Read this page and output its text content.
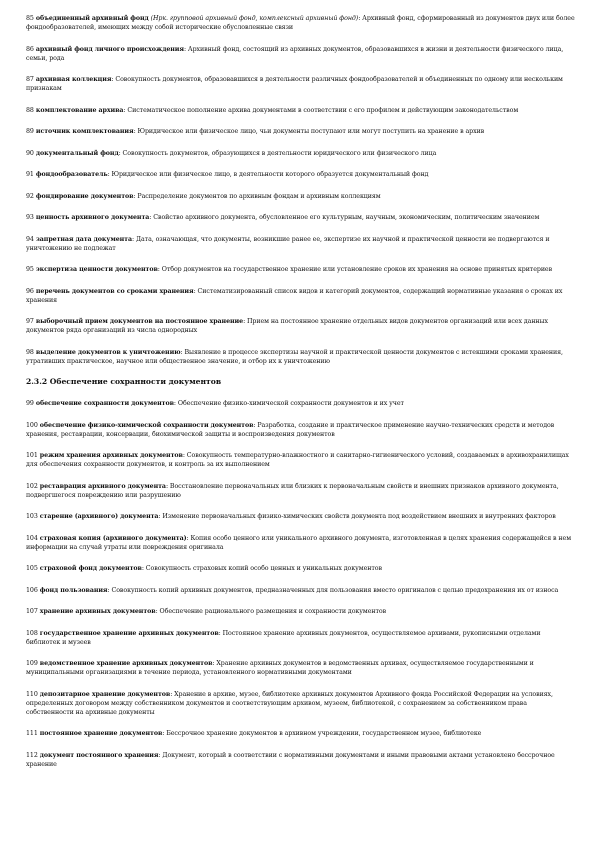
85 объединенный архивный фонд (Нрк. групповой архивный фонд, комплексный архивный фонд): Архивный фонд, сформированный из документов двух или более фондообразователей, имеющих между собой исторические обусловленные связи

86 архивный фонд личного происхождения: Архивный фонд, состоящий из архивных документов, образовавшихся в жизни и деятельности физического лица, семьи, рода

87 архивная коллекция: Совокупность документов, образовавшихся в деятельности различных фондообразователей и объединенных по одному или нескольким признакам

88 комплектование архива: Систематическое пополнение архива документами в соответствии с его профилем и действующим законодательством

89 источник комплектования: Юридическое или физическое лицо, чьи документы поступают или могут поступить на хранение в архив

90 документальный фонд: Совокупность документов, образующихся в деятельности юридического или физического лица

91 фондообразователь: Юридическое или физическое лицо, в деятельности которого образуется документальный фонд

92 фондирование документов: Распределение документов по архивным фондам и архивным коллекциям

93 ценность архивного документа: Свойство архивного документа, обусловленное его культурным, научным, экономическим, политическим значением

94 запретная дата документа: Дата, означающая, что документы, возникшие ранее ее, экспертизе их научной и практической ценности не подвергаются и уничтожению не подлежат

95 экспертиза ценности документов: Отбор документов на государственное хранение или установление сроков их хранения на основе принятых критериев

96 перечень документов со сроками хранения: Систематизированный список видов и категорий документов, содержащий нормативные указания о сроках их хранения

97 выборочный прием документов на постоянное хранение: Прием на постоянное хранение отдельных видов документов организаций или всех данных документов ряда организаций из числа однородных

98 выделение документов к уничтожению: Выявление в процессе экспертизы научной и практической ценности документов с истекшими сроками хранения, утративших практическое, научное или общественное значение, и отбор их к уничтожению

2.3.2 Обеспечение сохранности документов

99 обеспечение сохранности документов: Обеспечение физико-химической сохранности документов и их учет

100 обеспечение физико-химической сохранности документов: Разработка, создание и практическое применение научно-технических средств и методов хранения, реставрации, консервации, биохимической защиты и воспроизведения документов

101 режим хранения архивных документов: Совокупность температурно-влажностного и санитарно-гигиенического условий, создаваемых в архивохранилищах для обеспечения сохранности документов, и контроль за их выполнением

102 реставрация архивного документа: Восстановление первоначальных или близких к первоначальным свойств и внешних признаков архивного документа, подвергшегося повреждению или разрушению

103 старение (архивного) документа: Изменение первоначальных физико-химических свойств документа под воздействием внешних и внутренних факторов

104 страховая копия (архивного документа): Копия особо ценного или уникального архивного документа, изготовленная в целях хранения содержащейся в нем информации на случай утраты или повреждения оригинала

105 страховой фонд документов: Совокупность страховых копий особо ценных и уникальных документов

106 фонд пользования: Совокупность копий архивных документов, предназначенных для пользования вместо оригиналов с целью предохранения их от износа

107 хранение архивных документов: Обеспечение рационального размещения и сохранности документов

108 государственное хранение архивных документов: Постоянное хранение архивных документов, осуществляемое архивами, рукописными отделами библиотек и музеев

109 ведомственное хранение архивных документов: Хранение архивных документов в ведомственных архивах, осуществляемое государственными и муниципальными организациями в течение периода, установленного нормативными документами

110 депозитарное хранение документов: Хранение в архиве, музее, библиотеке архивных документов Архивного фонда Российской Федерации на условиях, определенных договором между собственником документов и соответствующим архивом, музеем, библиотекой, с сохранением за собственником права собственности на архивные документы

111 постоянное хранение документов: Бессрочное хранение документов в архивном учреждении, государственном музее, библиотеке

112 документ постоянного хранения: Документ, который в соответствии с нормативными документами и иными правовыми актами установлено бессрочное хранение
